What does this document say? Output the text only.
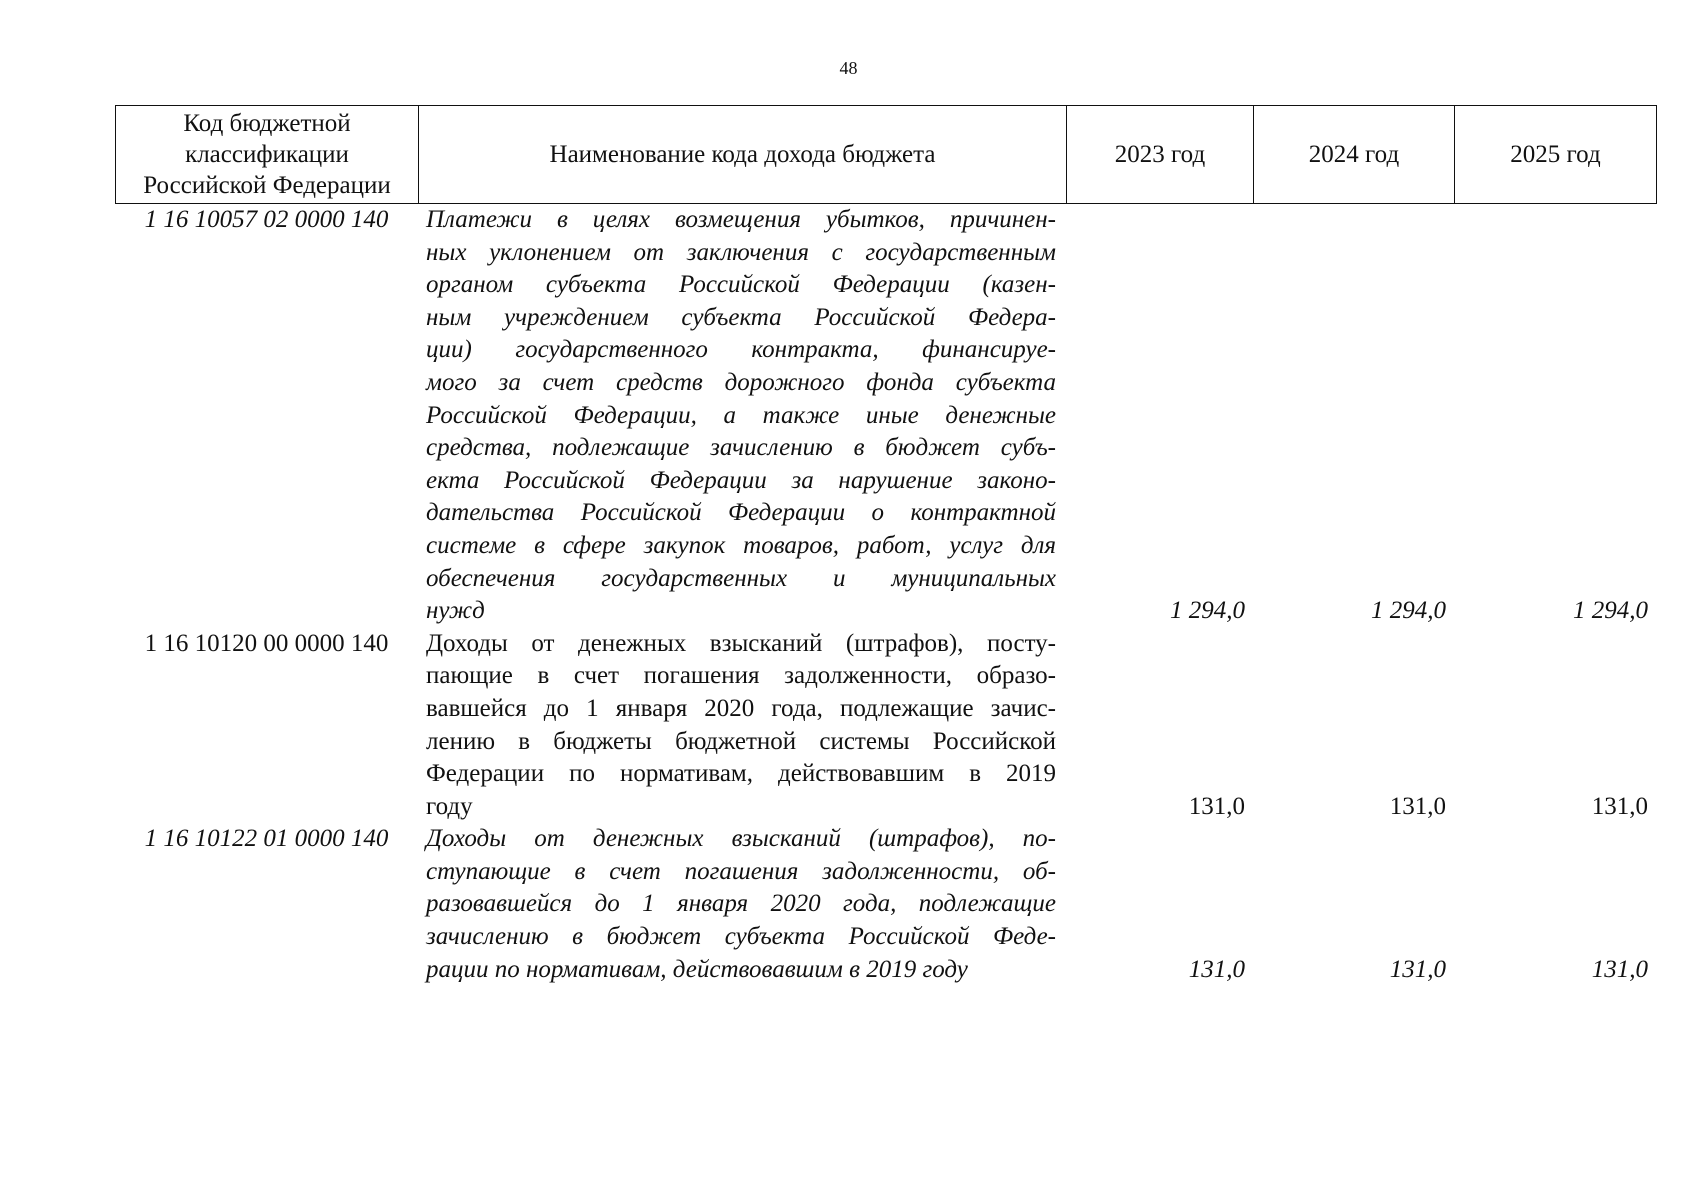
48
Код бюджетной
классификации
Российской Федерации
	Наименование кода дохода бюджета	2023 год	2024 год	2025 год
1 16 10057 02 0000 140	Платежи в целях возмещения убытков, причинен-
ных уклонением от заключения с государственным
органом субъекта Российской Федерации (казен-
ным учреждением субъекта Российской Федера-
ции) государственного контракта, финансируе-
мого за счет средств дорожного фонда субъекта
Российской Федерации, а также иные денежные
средства, подлежащие зачислению в бюджет субъ-
екта Российской Федерации за нарушение законо-
дательства Российской Федерации о контрактной
системе в сфере закупок товаров, работ, услуг для
обеспечения государственных и муниципальных
нужд	1 294,0	1 294,0	1 294,0
1 16 10120 00 0000 140	Доходы от денежных взысканий (штрафов), посту-
пающие в счет погашения задолженности, образо-
вавшейся до 1 января 2020 года, подлежащие зачис-
лению в бюджеты бюджетной системы Российской
Федерации по нормативам, действовавшим в 2019
году	131,0	131,0	131,0
1 16 10122 01 0000 140	Доходы от денежных взысканий (штрафов), по-
ступающие в счет погашения задолженности, об-
разовавшейся до 1 января 2020 года, подлежащие
зачислению в бюджет субъекта Российской Феде-
рации по нормативам, действовавшим в 2019 году	131,0	131,0	131,0
